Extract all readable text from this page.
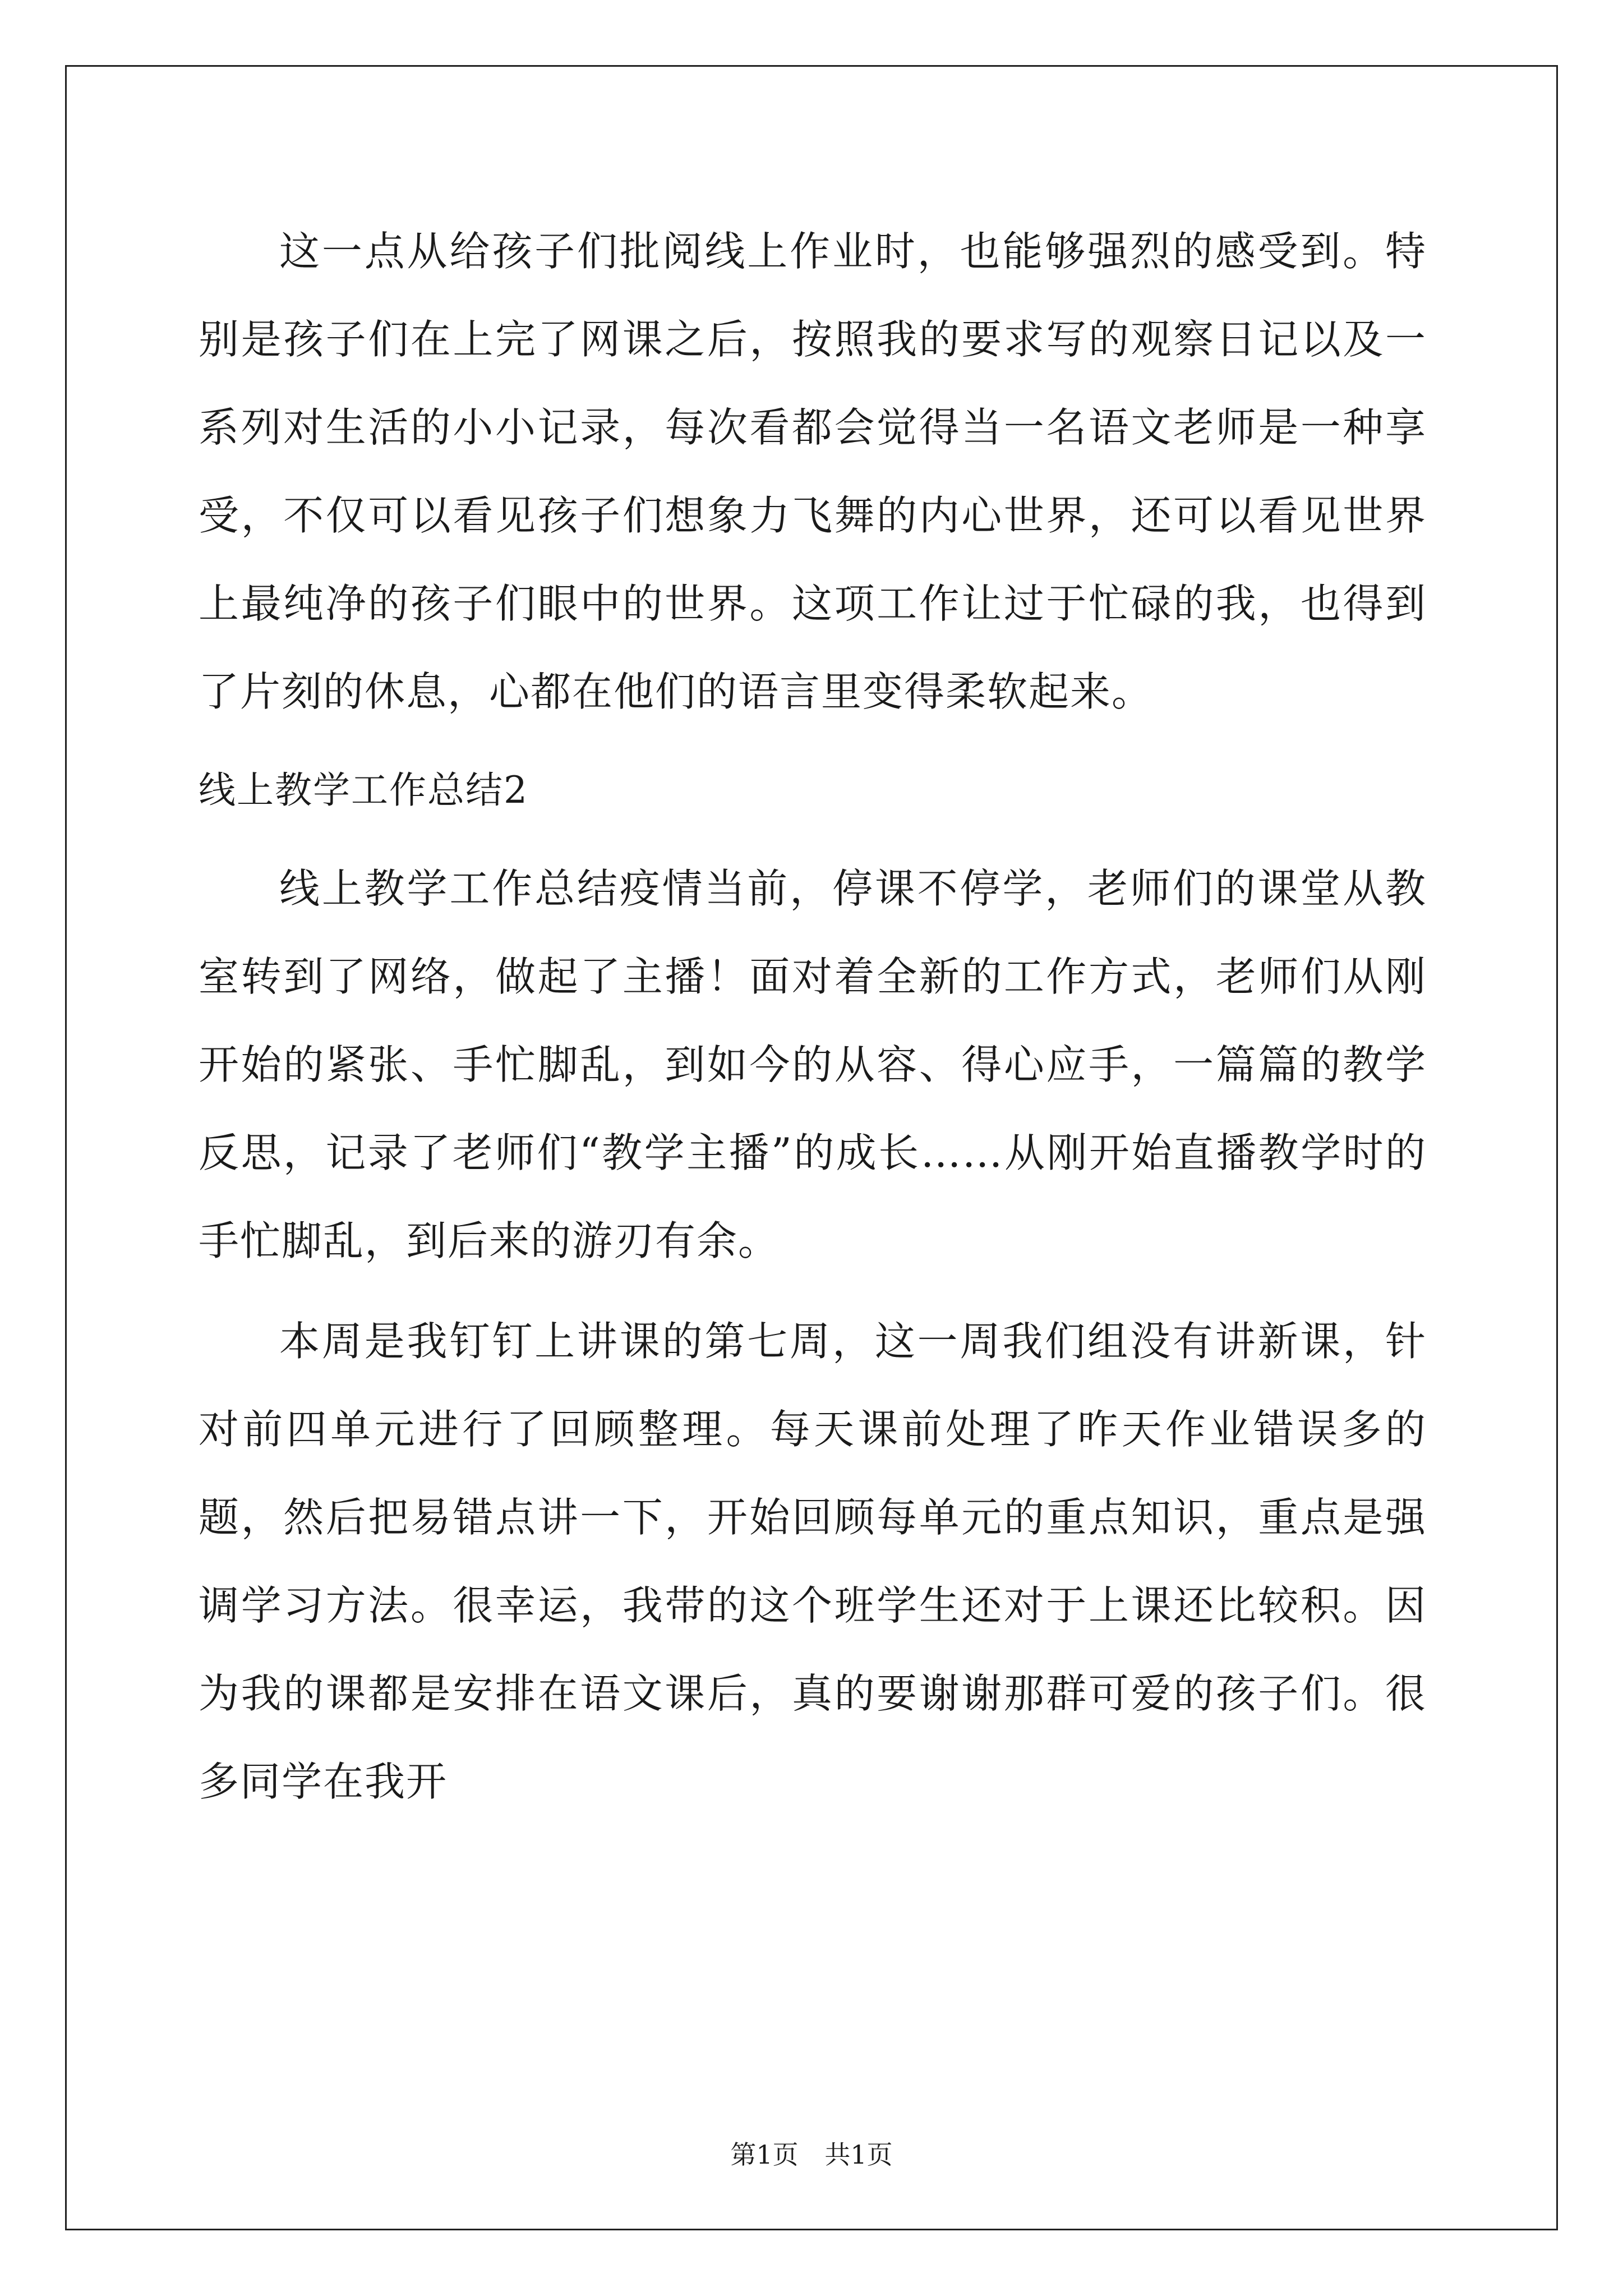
这一点从给孩子们批阅线上作业时，也能够强烈的感受到。特别是孩子们在上完了网课之后，按照我的要求写的观察日记以及一系列对生活的小小记录，每次看都会觉得当一名语文老师是一种享受，不仅可以看见孩子们想象力飞舞的内心世界，还可以看见世界上最纯净的孩子们眼中的世界。这项工作让过于忙碌的我，也得到了片刻的休息，心都在他们的语言里变得柔软起来。

线上教学工作总结2

线上教学工作总结疫情当前，停课不停学，老师们的课堂从教室转到了网络，做起了主播！面对着全新的工作方式，老师们从刚开始的紧张、手忙脚乱，到如今的从容、得心应手，一篇篇的教学反思，记录了老师们“教学主播”的成长……从刚开始直播教学时的手忙脚乱，到后来的游刃有余。

本周是我钉钉上讲课的第七周，这一周我们组没有讲新课，针对前四单元进行了回顾整理。每天课前处理了昨天作业错误多的题，然后把易错点讲一下，开始回顾每单元的重点知识，重点是强调学习方法。很幸运，我带的这个班学生还对于上课还比较积。因为我的课都是安排在语文课后，真的要谢谢那群可爱的孩子们。很多同学在我开

第1页 共1页
